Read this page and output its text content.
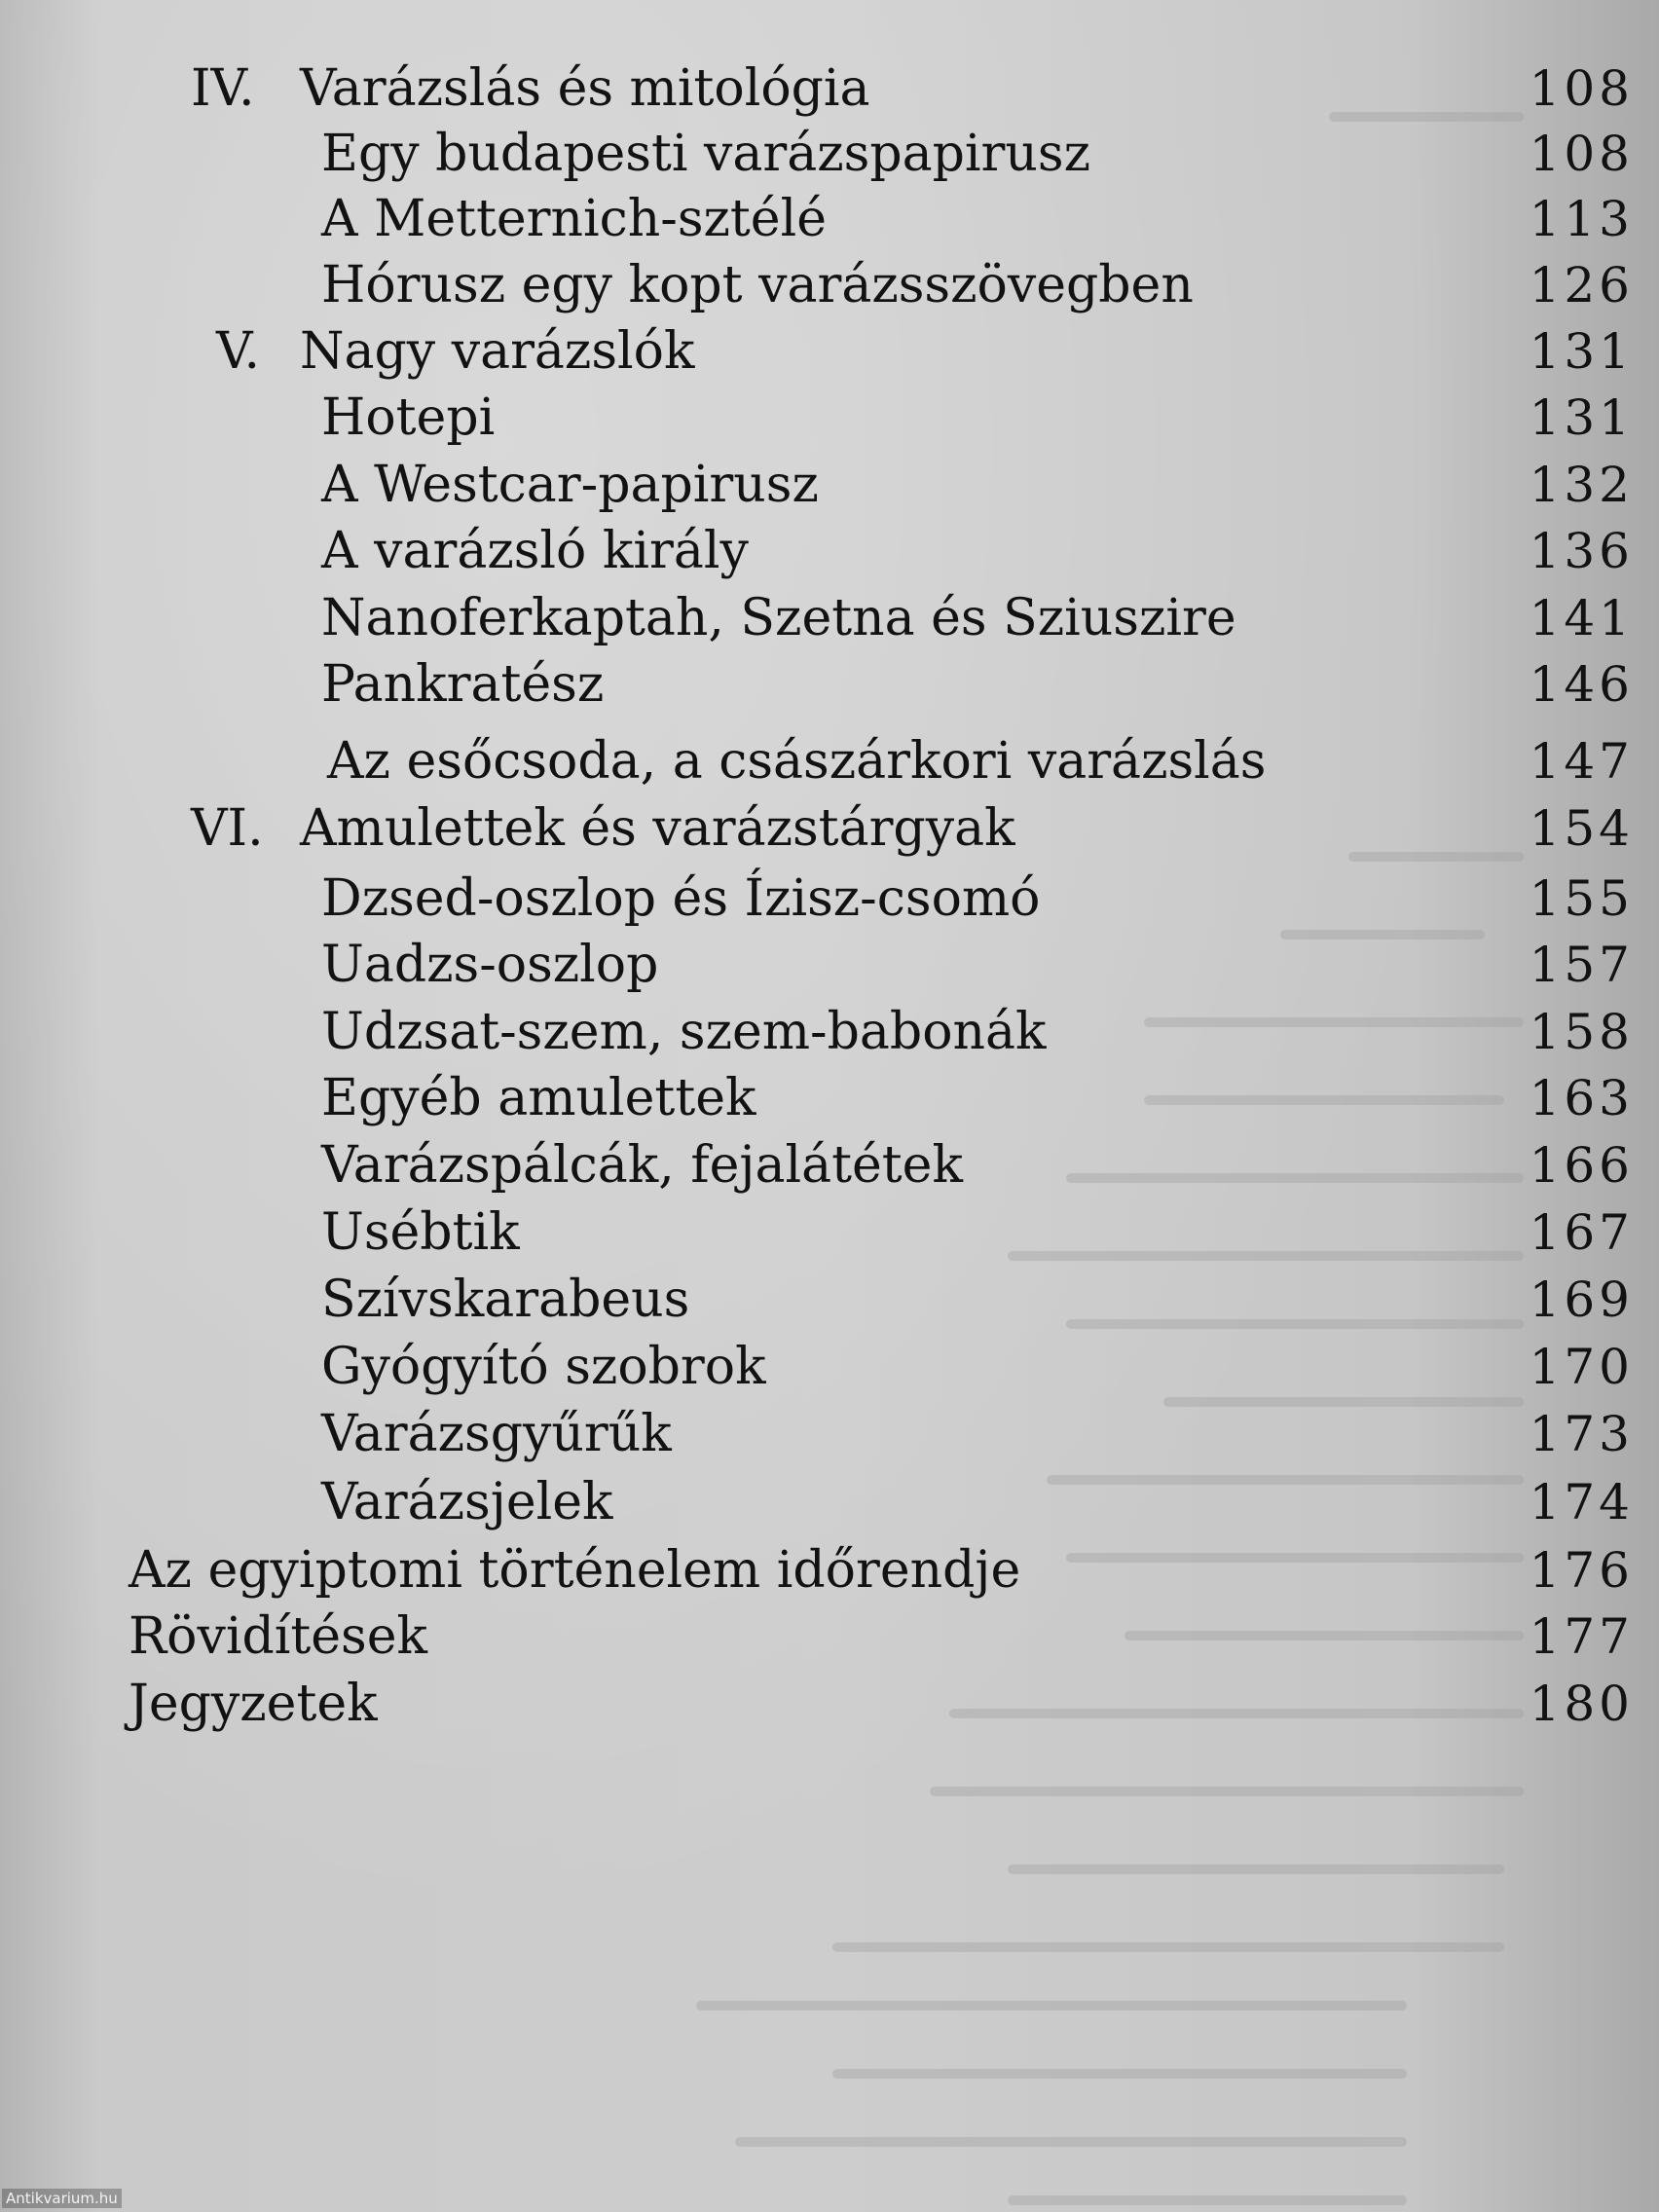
IV. Varázslás és mitológia	108
Egy budapesti varázspapirusz	108
A Metternich-sztélé	113
Hórusz egy kopt varázsszövegben	126
V. Nagy varázslók	131
Hotepi	131
A Westcar-papirusz	132
A varázsló király	136
Nanoferkaptah, Szetna és Sziuszire	141
Pankratész	146
Az esőcsoda, a császárkori varázslás	147
VI. Amulettek és varázstárgyak	154
Dzsed-oszlop és Ízisz-csomó	155
Uadzs-oszlop	157
Udzsat-szem, szem-babonák	158
Egyéb amulettek	163
Varázspálcák, fejalátétek	166
Usébtik	167
Szívskarabeus	169
Gyógyító szobrok	170
Varázsgyűrűk	173
Varázsjelek	174
Az egyiptomi történelem időrendje	176
Rövidítések	177
Jegyzetek	180
Antikvarium.hu
